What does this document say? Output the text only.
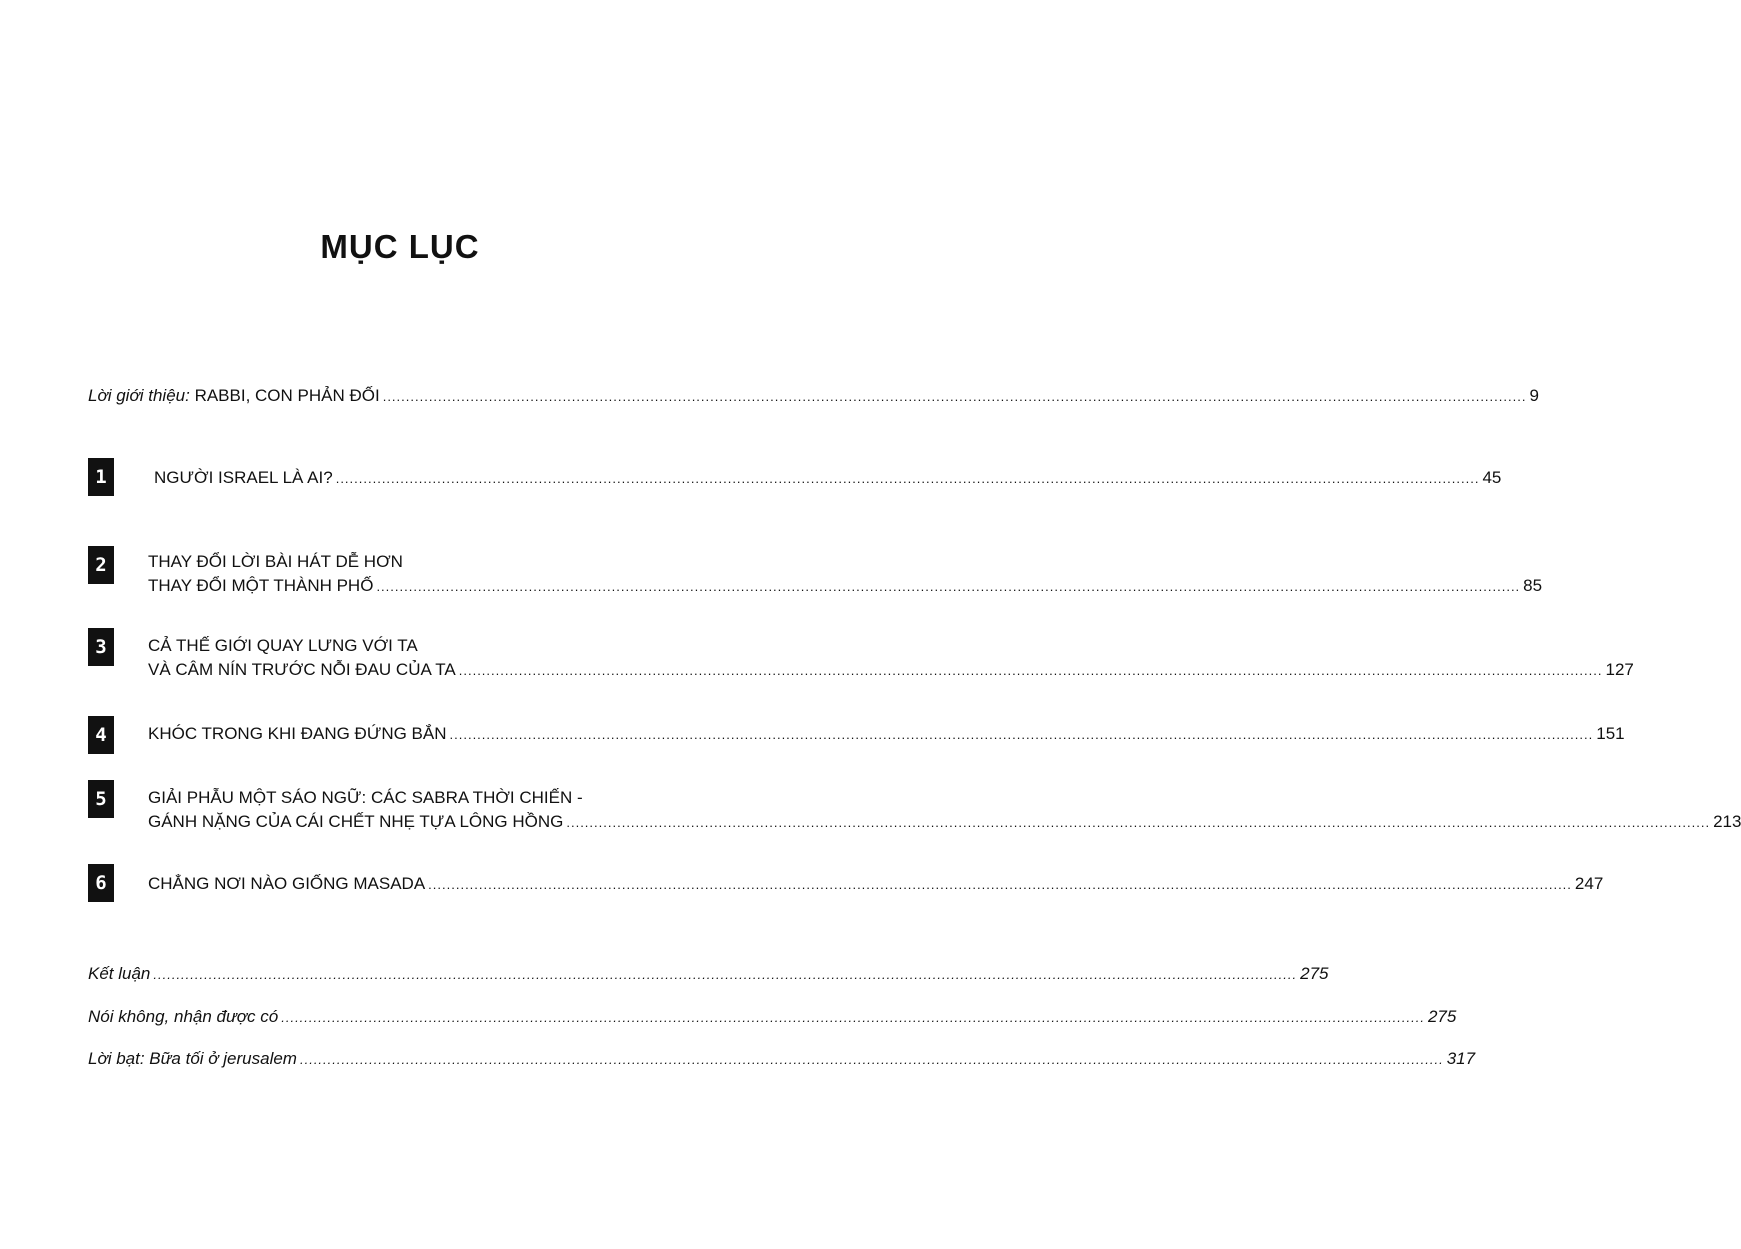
MỤC LỤC
Lời giới thiệu: RABBI, CON PHẢN ĐỐI .....	9
1	NGƯỜI ISRAEL LÀ AI? .....	45
2	THAY ĐỔI LỜI BÀI HÁT DỄ HƠN
THAY ĐỔI MỘT THÀNH PHỐ .....	85
3	CẢ THẾ GIỚI QUAY LƯNG VỚI TA
VÀ CÂM NÍN TRƯỚC NỖI ĐAU CỦA TA .....	127
4	KHÓC TRONG KHI ĐANG ĐỨNG BẮN .....	151
5	GIẢI PHẪU MỘT SÁO NGỮ: CÁC SABRA THỜI CHIẾN -
GÁNH NẶNG CỦA CÁI CHẾT NHẸ TỰA LÔNG HỒNG .....	213
6	CHẲNG NƠI NÀO GIỐNG MASADA .....	247
Kết luận .....	275
Nói không, nhận được có .....	275
Lời bạt: Bữa tối ở jerusalem .....	317
